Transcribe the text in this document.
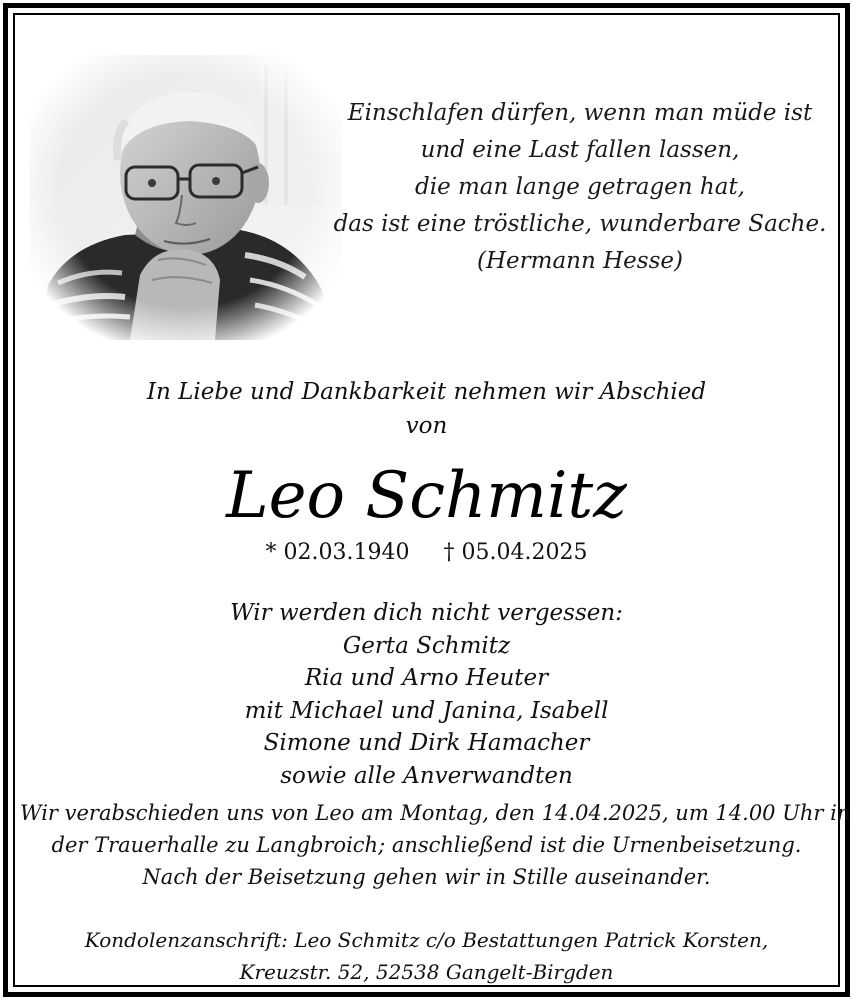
Einschlafen dürfen, wenn man müde ist
und eine Last fallen lassen,
die man lange getragen hat,
das ist eine tröstliche, wunderbare Sache.
(Hermann Hesse)
In Liebe und Dankbarkeit nehmen wir Abschied
von
Leo Schmitz
* 02.03.1940 † 05.04.2025
Wir werden dich nicht vergessen:
Gerta Schmitz
Ria und Arno Heuter
mit Michael und Janina, Isabell
Simone und Dirk Hamacher
sowie alle Anverwandten
Wir verabschieden uns von Leo am Montag, den 14.04.2025, um 14.00 Uhr in
der Trauerhalle zu Langbroich; anschließend ist die Urnenbeisetzung.
Nach der Beisetzung gehen wir in Stille auseinander.
Kondolenzanschrift: Leo Schmitz c/o Bestattungen Patrick Korsten,
Kreuzstr. 52, 52538 Gangelt-Birgden
